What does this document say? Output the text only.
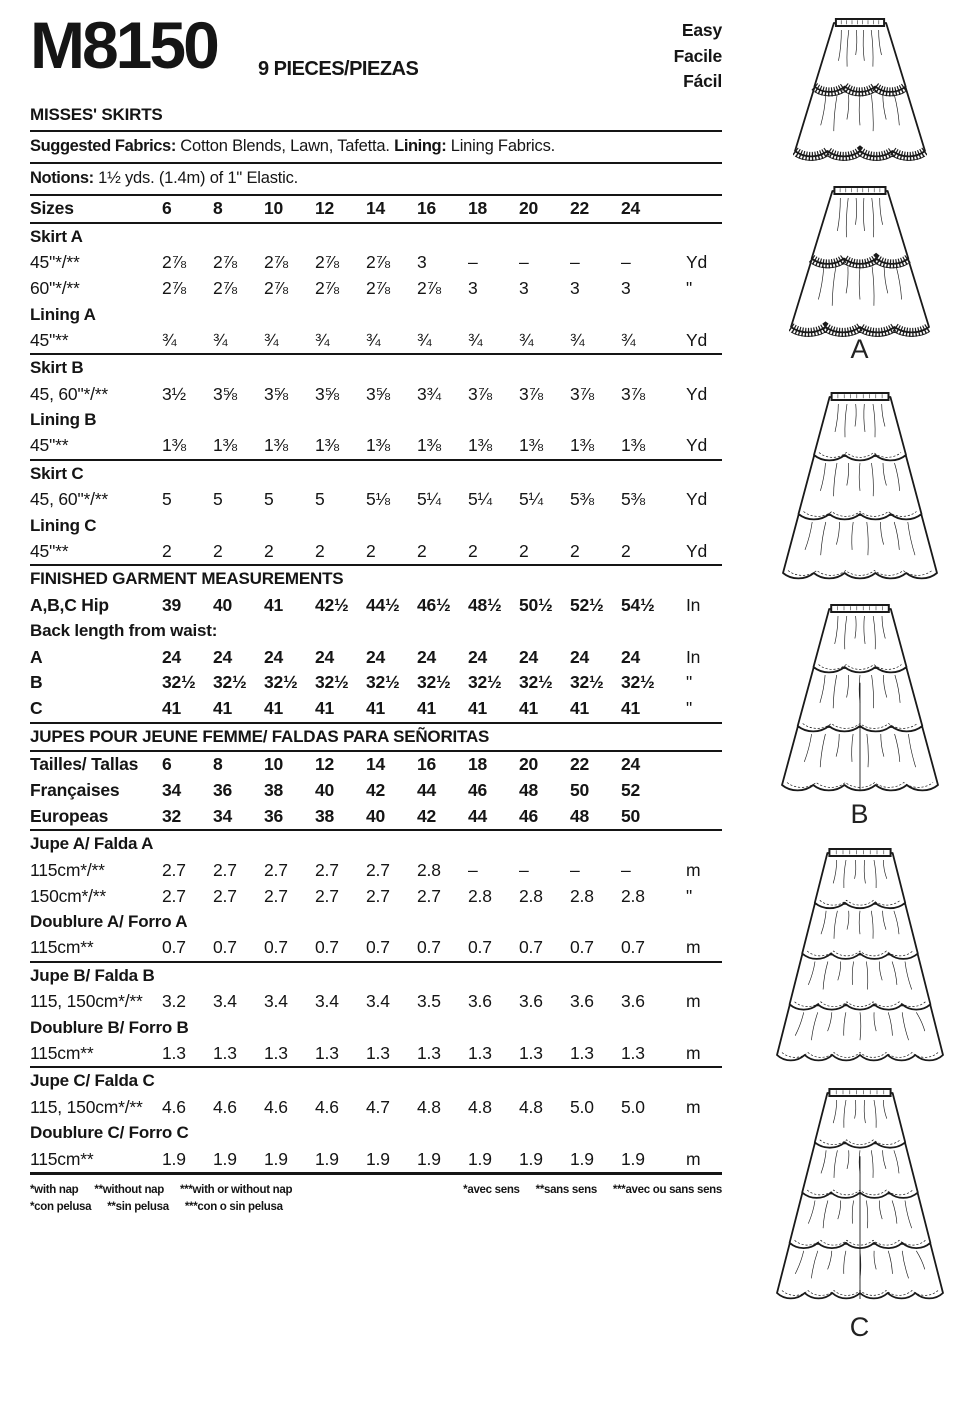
M8150 9 PIECES/PIEZAS
Easy
Facile
Fácil
MISSES' SKIRTS
Suggested Fabrics: Cotton Blends, Lawn, Tafetta. Lining: Lining Fabrics.
Notions: 1½ yds. (1.4m) of 1" Elastic.
Sizes	6	8	10	12	14	16	18	20	22	24
Skirt A
45"*/**	2⅞	2⅞	2⅞	2⅞	2⅞	3	–	–	–	–	Yd
60"*/**	2⅞	2⅞	2⅞	2⅞	2⅞	2⅞	3	3	3	3	"
Lining A
45"**	¾	¾	¾	¾	¾	¾	¾	¾	¾	¾	Yd
Skirt B
45, 60"*/**	3½	3⅝	3⅝	3⅝	3⅝	3¾	3⅞	3⅞	3⅞	3⅞	Yd
Lining B
45"**	1⅜	1⅜	1⅜	1⅜	1⅜	1⅜	1⅜	1⅜	1⅜	1⅜	Yd
Skirt C
45, 60"*/**	5	5	5	5	5⅛	5¼	5¼	5¼	5⅜	5⅜	Yd
Lining C
45"**	2	2	2	2	2	2	2	2	2	2	Yd
FINISHED GARMENT MEASUREMENTS
A,B,C Hip	39	40	41	42½	44½	46½	48½	50½	52½	54½	In
Back length from waist:
A	24	24	24	24	24	24	24	24	24	24	In
B	32½	32½	32½	32½	32½	32½	32½	32½	32½	32½	"
C	41	41	41	41	41	41	41	41	41	41	"
JUPES POUR JEUNE FEMME/ FALDAS PARA SEÑORITAS
Tailles/ Tallas	6	8	10	12	14	16	18	20	22	24
Françaises	34	36	38	40	42	44	46	48	50	52
Europeas	32	34	36	38	40	42	44	46	48	50
Jupe A/ Falda A
115cm*/**	2.7	2.7	2.7	2.7	2.7	2.8	–	–	–	–	m
150cm*/**	2.7	2.7	2.7	2.7	2.7	2.7	2.8	2.8	2.8	2.8	"
Doublure A/ Forro A
115cm**	0.7	0.7	0.7	0.7	0.7	0.7	0.7	0.7	0.7	0.7	m
Jupe B/ Falda B
115, 150cm*/**	3.2	3.4	3.4	3.4	3.4	3.5	3.6	3.6	3.6	3.6	m
Doublure B/ Forro B
115cm**	1.3	1.3	1.3	1.3	1.3	1.3	1.3	1.3	1.3	1.3	m
Jupe C/ Falda C
115, 150cm*/**	4.6	4.6	4.6	4.6	4.7	4.8	4.8	4.8	5.0	5.0	m
Doublure C/ Forro C
115cm**	1.9	1.9	1.9	1.9	1.9	1.9	1.9	1.9	1.9	1.9	m
*with nap **without nap ***with or without nap	*avec sens **sans sens ***avec ou sans sens
*con pelusa **sin pelusa ***con o sin pelusa
A
B
C
